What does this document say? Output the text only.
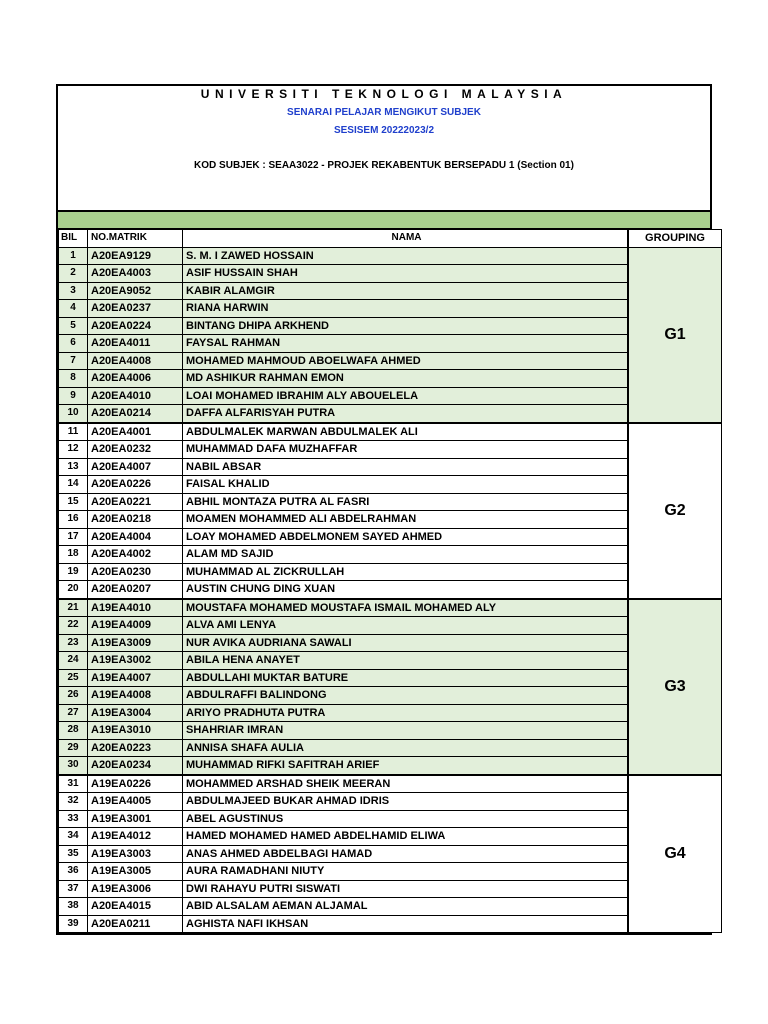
UNIVERSITI TEKNOLOGI MALAYSIA
SENARAI PELAJAR MENGIKUT SUBJEK
SESISEM 20222023/2
KOD SUBJEK : SEAA3022 - PROJEK REKABENTUK BERSEPADU 1 (Section 01)
BIL	NO.MATRIK	NAMA	GROUPING
1	A20EA9129	S. M. I ZAWED HOSSAIN	G1
2	A20EA4003	ASIF HUSSAIN SHAH	
3	A20EA9052	KABIR ALAMGIR	
4	A20EA0237	RIANA HARWIN	
5	A20EA0224	BINTANG DHIPA ARKHEND	
6	A20EA4011	FAYSAL RAHMAN	
7	A20EA4008	MOHAMED MAHMOUD ABOELWAFA AHMED	
8	A20EA4006	MD ASHIKUR RAHMAN EMON	
9	A20EA4010	LOAI MOHAMED IBRAHIM ALY ABOUELELA	
10	A20EA0214	DAFFA ALFARISYAH PUTRA	
11	A20EA4001	ABDULMALEK MARWAN ABDULMALEK ALI	G2
12	A20EA0232	MUHAMMAD DAFA MUZHAFFAR	
13	A20EA4007	NABIL ABSAR	
14	A20EA0226	FAISAL KHALID	
15	A20EA0221	ABHIL MONTAZA PUTRA AL FASRI	
16	A20EA0218	MOAMEN MOHAMMED ALI ABDELRAHMAN	
17	A20EA4004	LOAY MOHAMED ABDELMONEM SAYED AHMED	
18	A20EA4002	ALAM MD SAJID	
19	A20EA0230	MUHAMMAD AL ZICKRULLAH	
20	A20EA0207	AUSTIN CHUNG DING XUAN	
21	A19EA4010	MOUSTAFA MOHAMED MOUSTAFA ISMAIL MOHAMED ALY	G3
22	A19EA4009	ALVA AMI LENYA	
23	A19EA3009	NUR AVIKA AUDRIANA SAWALI	
24	A19EA3002	ABILA HENA ANAYET	
25	A19EA4007	ABDULLAHI MUKTAR BATURE	
26	A19EA4008	ABDULRAFFI BALINDONG	
27	A19EA3004	ARIYO PRADHUTA PUTRA	
28	A19EA3010	SHAHRIAR IMRAN	
29	A20EA0223	ANNISA SHAFA AULIA	
30	A20EA0234	MUHAMMAD RIFKI SAFITRAH ARIEF	
31	A19EA0226	MOHAMMED ARSHAD SHEIK MEERAN	G4
32	A19EA4005	ABDULMAJEED BUKAR AHMAD IDRIS	
33	A19EA3001	ABEL AGUSTINUS	
34	A19EA4012	HAMED MOHAMED HAMED ABDELHAMID ELIWA	
35	A19EA3003	ANAS AHMED ABDELBAGI HAMAD	
36	A19EA3005	AURA RAMADHANI NIUTY	
37	A19EA3006	DWI RAHAYU PUTRI SISWATI	
38	A20EA4015	ABID ALSALAM AEMAN ALJAMAL	
39	A20EA0211	AGHISTA NAFI IKHSAN	
